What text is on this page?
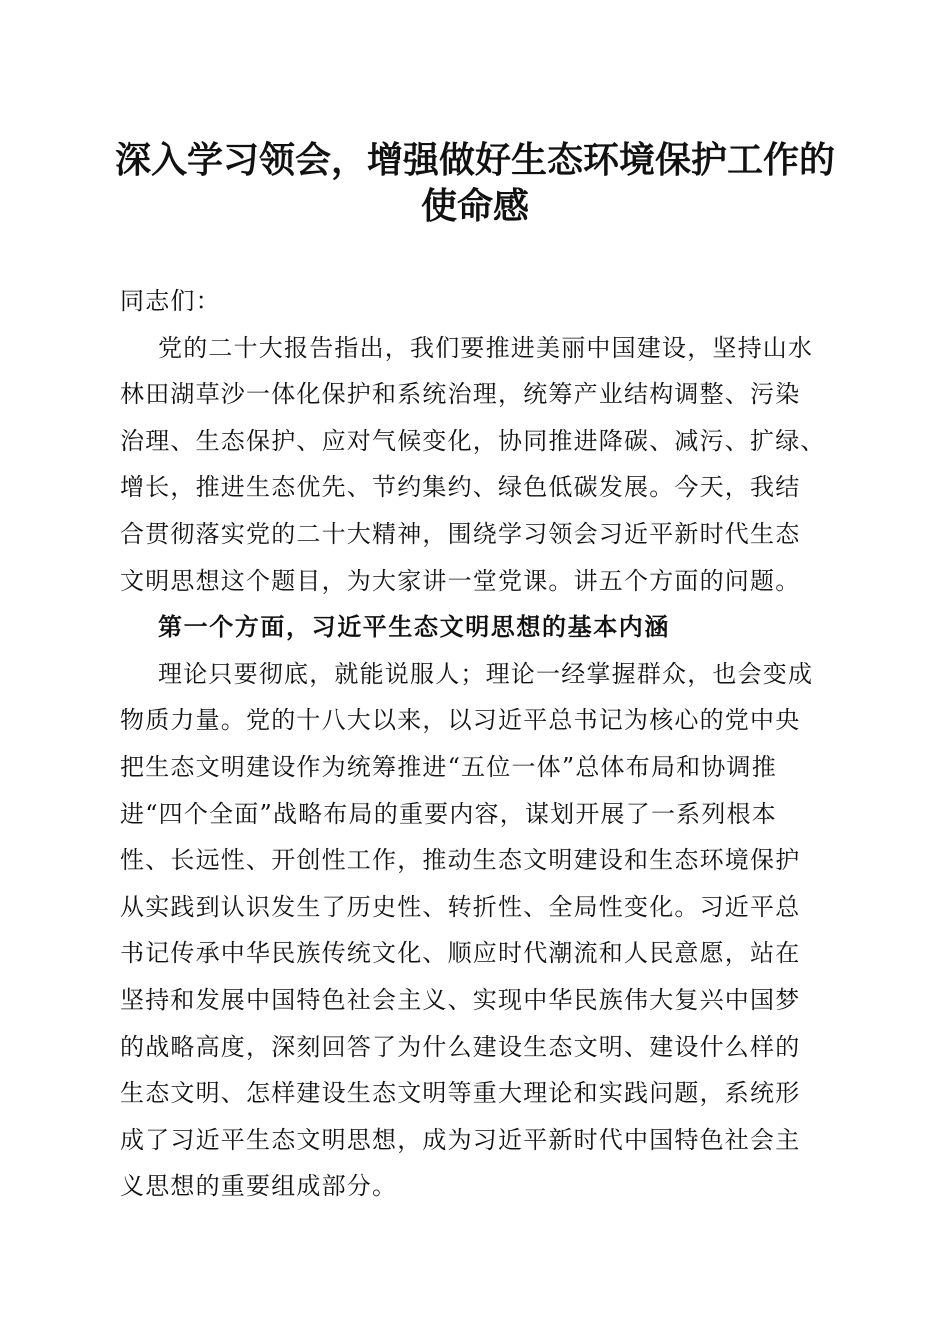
深入学习领会，增强做好生态环境保护工作的
使命感
同志们：
党的二十大报告指出，我们要推进美丽中国建设，坚持山水
林田湖草沙一体化保护和系统治理，统筹产业结构调整、污染
治理、生态保护、应对气候变化，协同推进降碳、减污、扩绿、
增长，推进生态优先、节约集约、绿色低碳发展。今天，我结
合贯彻落实党的二十大精神，围绕学习领会习近平新时代生态
文明思想这个题目，为大家讲一堂党课。讲五个方面的问题。
第一个方面，习近平生态文明思想的基本内涵
理论只要彻底，就能说服人；理论一经掌握群众，也会变成
物质力量。党的十八大以来，以习近平总书记为核心的党中央
把生态文明建设作为统筹推进“五位一体”总体布局和协调推
进“四个全面”战略布局的重要内容，谋划开展了一系列根本
性、长远性、开创性工作，推动生态文明建设和生态环境保护
从实践到认识发生了历史性、转折性、全局性变化。习近平总
书记传承中华民族传统文化、顺应时代潮流和人民意愿，站在
坚持和发展中国特色社会主义、实现中华民族伟大复兴中国梦
的战略高度，深刻回答了为什么建设生态文明、建设什么样的
生态文明、怎样建设生态文明等重大理论和实践问题，系统形
成了习近平生态文明思想，成为习近平新时代中国特色社会主
义思想的重要组成部分。
